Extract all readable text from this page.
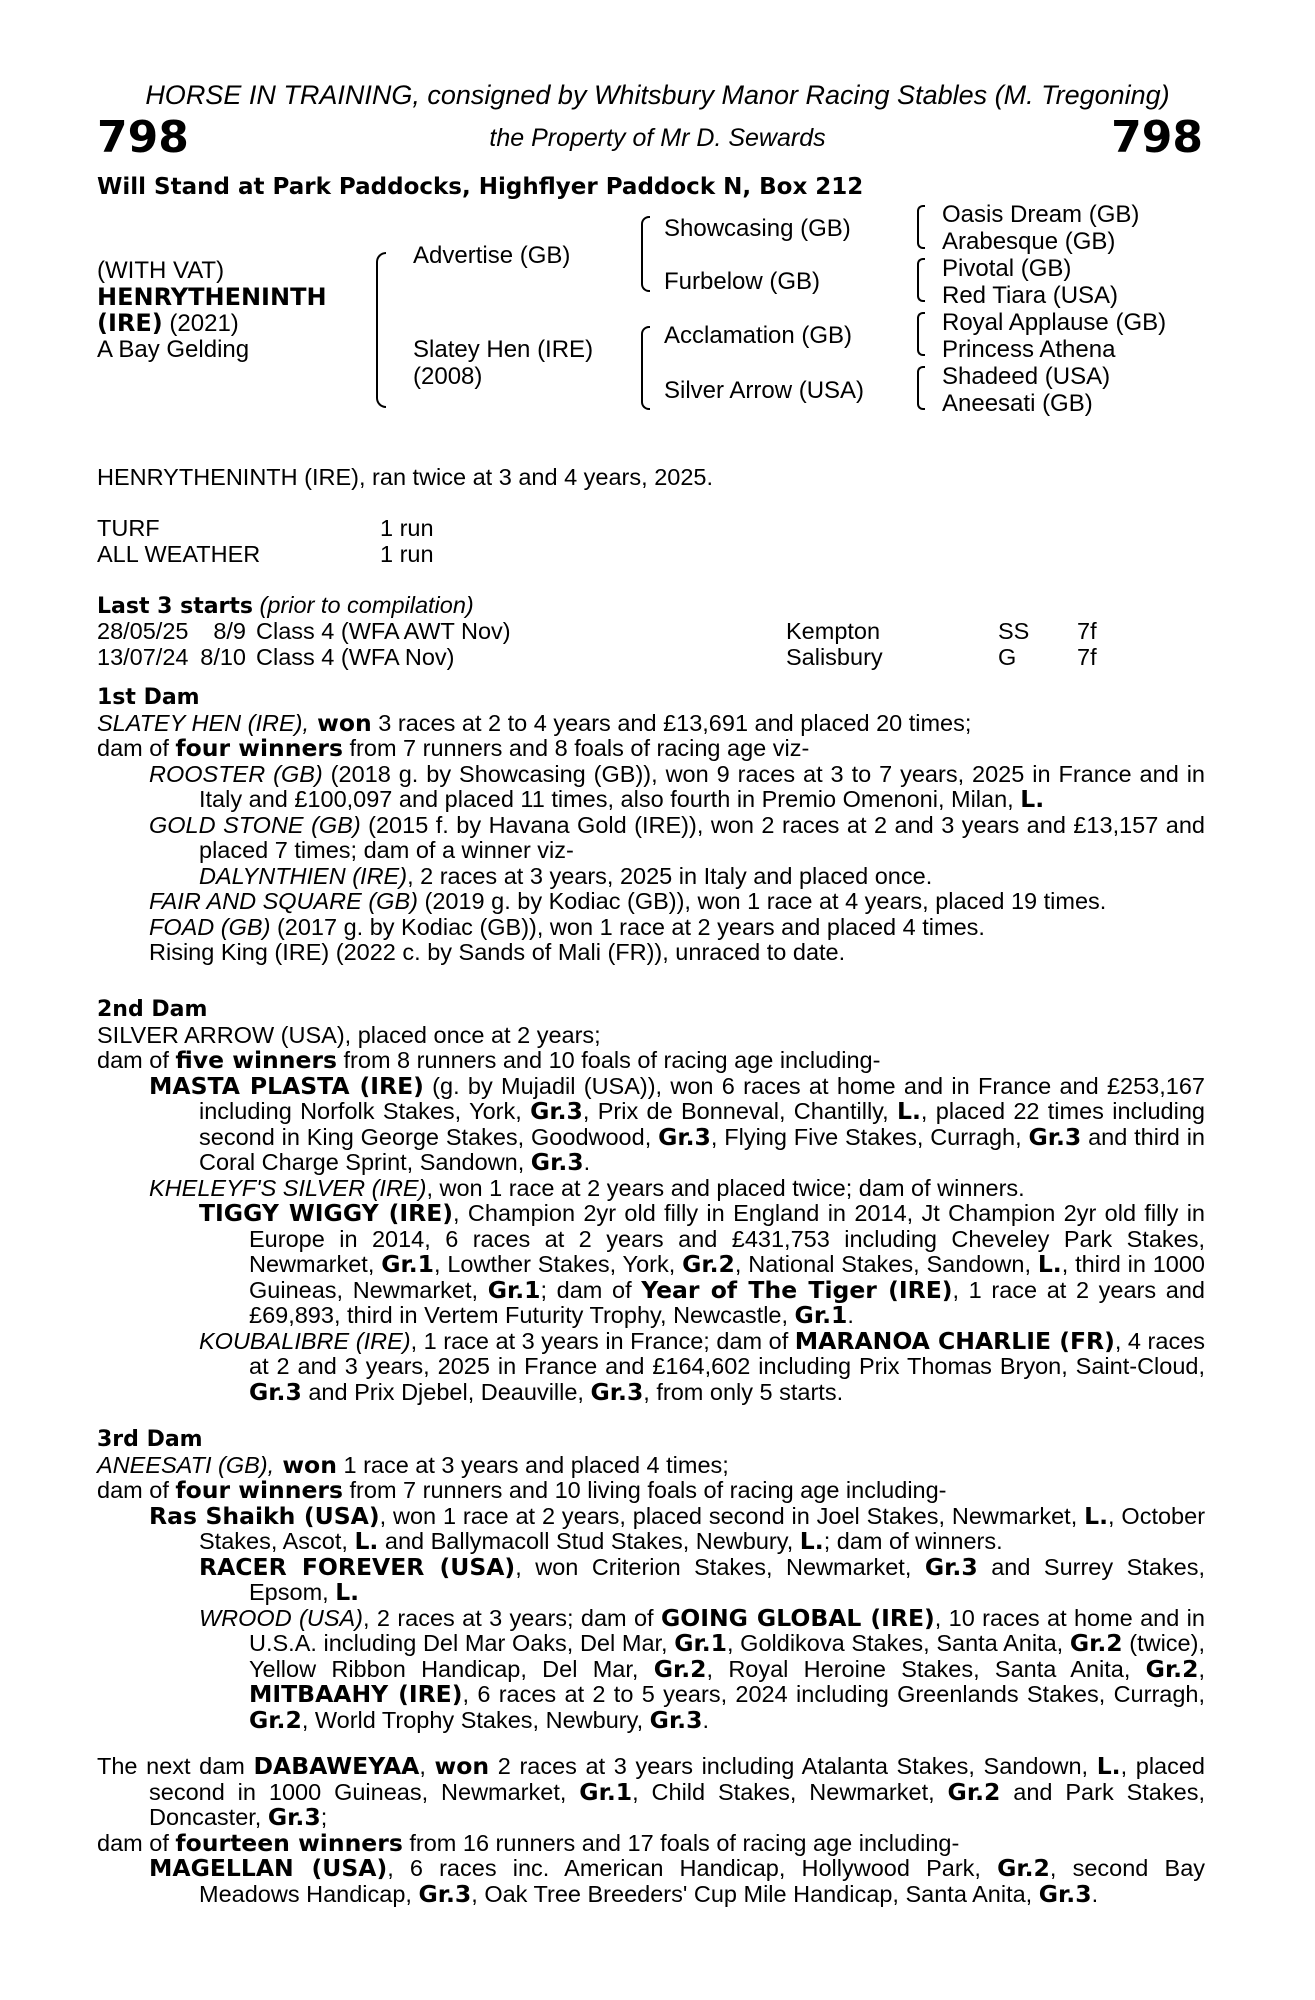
HORSE IN TRAINING, consigned by Whitsbury Manor Racing Stables (M. Tregoning)
798	the Property of Mr D. Sewards	798
Will Stand at Park Paddocks, Highflyer Paddock N, Box 212
(WITH VAT)
HENRYTHENINTH
(IRE) (2021)
A Bay Gelding
Advertise (GB)
Slatey Hen (IRE)
(2008)
Showcasing (GB)
Furbelow (GB)
Acclamation (GB)
Silver Arrow (USA)
Oasis Dream (GB)
Arabesque (GB)
Pivotal (GB)
Red Tiara (USA)
Royal Applause (GB)
Princess Athena
Shadeed (USA)
Aneesati (GB)
HENRYTHENINTH (IRE), ran twice at 3 and 4 years, 2025.
TURF	1 run
ALL WEATHER	1 run
Last 3 starts (prior to compilation)
28/05/25	8/9	Class 4 (WFA AWT Nov)	Kempton	SS	7f
13/07/24	8/10	Class 4 (WFA Nov)	Salisbury	G	7f

1st Dam

SLATEY HEN (IRE), won 3 races at 2 to 4 years and £13,691 and placed 20 times;

dam of four winners from 7 runners and 8 foals of racing age viz-

ROOSTER (GB) (2018 g. by Showcasing (GB)), won 9 races at 3 to 7 years, 2025 in France and in Italy and £100,097 and placed 11 times, also fourth in Premio Omenoni, Milan, L.

GOLD STONE (GB) (2015 f. by Havana Gold (IRE)), won 2 races at 2 and 3 years and £13,157 and placed 7 times; dam of a winner viz-

DALYNTHIEN (IRE), 2 races at 3 years, 2025 in Italy and placed once.

FAIR AND SQUARE (GB) (2019 g. by Kodiac (GB)), won 1 race at 4 years, placed 19 times.

FOAD (GB) (2017 g. by Kodiac (GB)), won 1 race at 2 years and placed 4 times.

Rising King (IRE) (2022 c. by Sands of Mali (FR)), unraced to date.

2nd Dam

SILVER ARROW (USA), placed once at 2 years;

dam of five winners from 8 runners and 10 foals of racing age including-

MASTA PLASTA (IRE) (g. by Mujadil (USA)), won 6 races at home and in France and £253,167 including Norfolk Stakes, York, Gr.3, Prix de Bonneval, Chantilly, L., placed 22 times including second in King George Stakes, Goodwood, Gr.3, Flying Five Stakes, Curragh, Gr.3 and third in Coral Charge Sprint, Sandown, Gr.3.

KHELEYF'S SILVER (IRE), won 1 race at 2 years and placed twice; dam of winners.

TIGGY WIGGY (IRE), Champion 2yr old filly in England in 2014, Jt Champion 2yr old filly in Europe in 2014, 6 races at 2 years and £431,753 including Cheveley Park Stakes, Newmarket, Gr.1, Lowther Stakes, York, Gr.2, National Stakes, Sandown, L., third in 1000 Guineas, Newmarket, Gr.1; dam of Year of The Tiger (IRE), 1 race at 2 years and £69,893, third in Vertem Futurity Trophy, Newcastle, Gr.1.

KOUBALIBRE (IRE), 1 race at 3 years in France; dam of MARANOA CHARLIE (FR), 4 races at 2 and 3 years, 2025 in France and £164,602 including Prix Thomas Bryon, Saint-Cloud, Gr.3 and Prix Djebel, Deauville, Gr.3, from only 5 starts.

3rd Dam

ANEESATI (GB), won 1 race at 3 years and placed 4 times;

dam of four winners from 7 runners and 10 living foals of racing age including-

Ras Shaikh (USA), won 1 race at 2 years, placed second in Joel Stakes, Newmarket, L., October Stakes, Ascot, L. and Ballymacoll Stud Stakes, Newbury, L.; dam of winners.

RACER FOREVER (USA), won Criterion Stakes, Newmarket, Gr.3 and Surrey Stakes, Epsom, L.

WROOD (USA), 2 races at 3 years; dam of GOING GLOBAL (IRE), 10 races at home and in U.S.A. including Del Mar Oaks, Del Mar, Gr.1, Goldikova Stakes, Santa Anita, Gr.2 (twice), Yellow Ribbon Handicap, Del Mar, Gr.2, Royal Heroine Stakes, Santa Anita, Gr.2, MITBAAHY (IRE), 6 races at 2 to 5 years, 2024 including Greenlands Stakes, Curragh, Gr.2, World Trophy Stakes, Newbury, Gr.3.

The next dam DABAWEYAA, won 2 races at 3 years including Atalanta Stakes, Sandown, L., placed second in 1000 Guineas, Newmarket, Gr.1, Child Stakes, Newmarket, Gr.2 and Park Stakes, Doncaster, Gr.3;

dam of fourteen winners from 16 runners and 17 foals of racing age including-

MAGELLAN (USA), 6 races inc. American Handicap, Hollywood Park, Gr.2, second Bay Meadows Handicap, Gr.3, Oak Tree Breeders' Cup Mile Handicap, Santa Anita, Gr.3.
